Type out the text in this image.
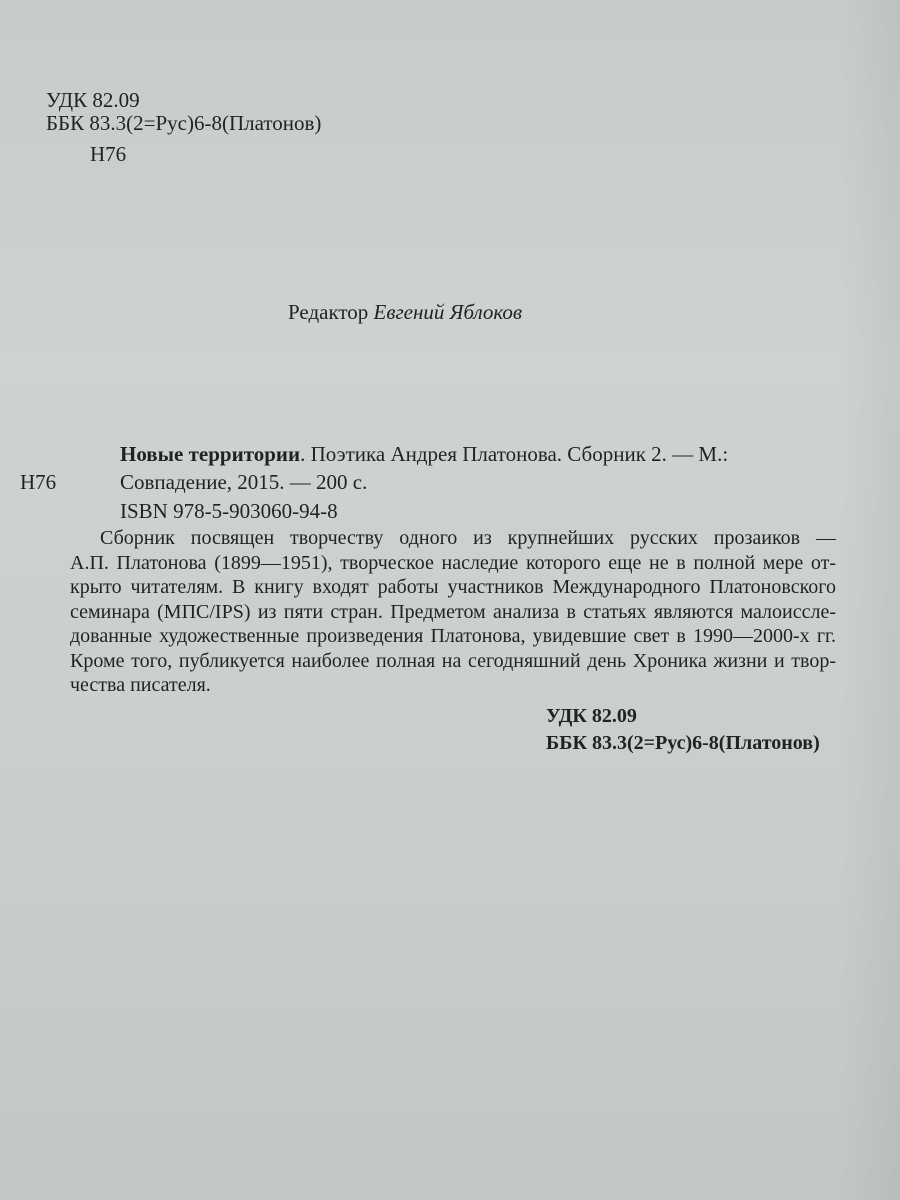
УДК 82.09
ББК 83.3(2=Рус)6-8(Платонов)
Н76
Редактор Евгений Яблоков
Новые территории. Поэтика Андрея Платонова. Сборник 2. — М.:
Н76	Совпадение, 2015. — 200 с.
ISBN 978-5-903060-94-8
Сборник посвящен творчеству одного из крупнейших русских прозаиков —
А.П. Платонова (1899—1951), творческое наследие которого еще не в полной мере от-
крыто читателям. В книгу входят работы участников Международного Платоновского
семинара (МПС/IPS) из пяти стран. Предметом анализа в статьях являются малоиссле-
дованные художественные произведения Платонова, увидевшие свет в 1990—2000-х гг.
Кроме того, публикуется наиболее полная на сегодняшний день Хроника жизни и твор-
чества писателя.
УДК 82.09
ББК 83.3(2=Рус)6-8(Платонов)
